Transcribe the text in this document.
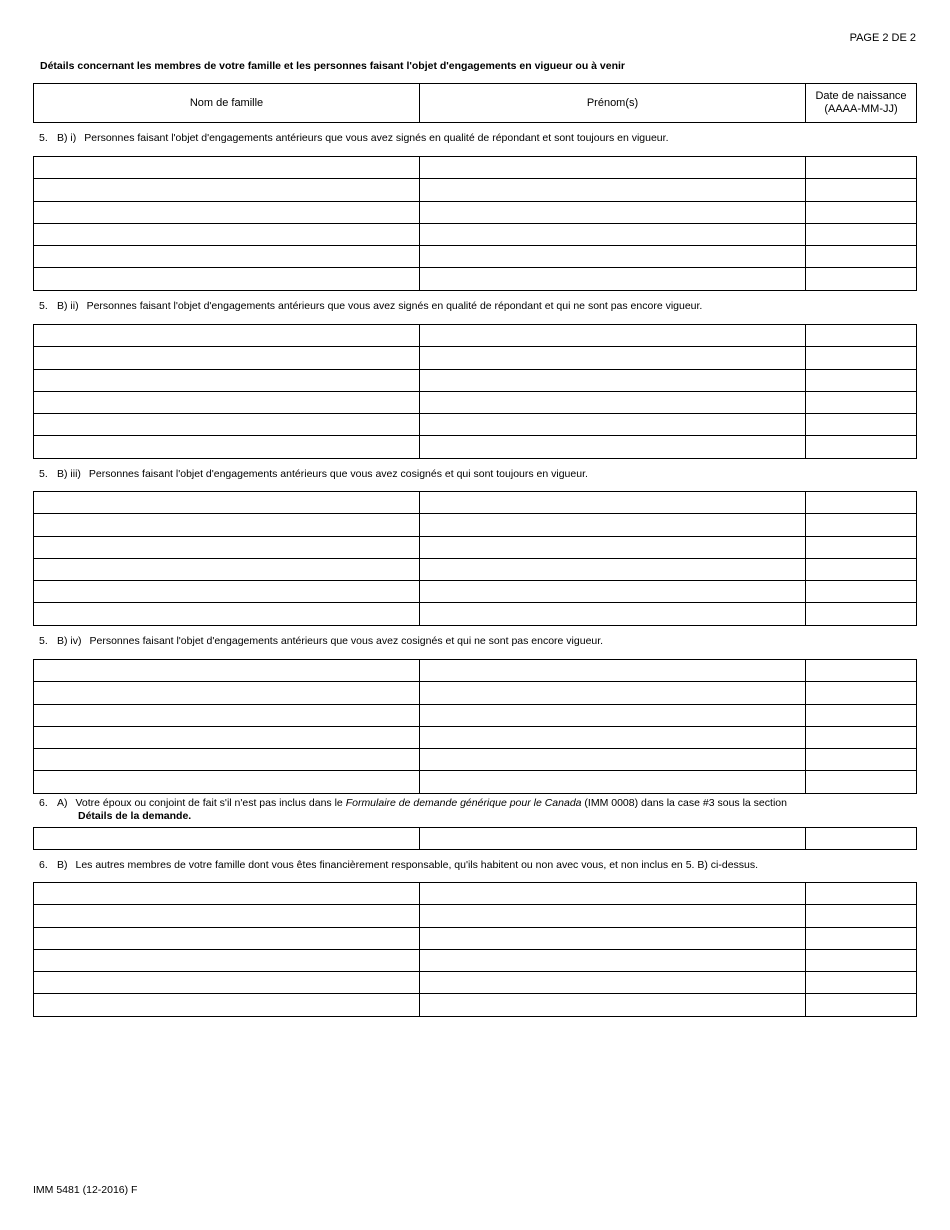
PAGE 2 DE 2
Détails concernant les membres de votre famille et les personnes faisant l'objet d'engagements en vigueur ou à venir
Nom de famille	Prénom(s)
Date de naissance
(AAAA-MM-JJ)
5. B) i) Personnes faisant l'objet d'engagements antérieurs que vous avez signés en qualité de répondant et sont toujours en vigueur.
5. B) ii) Personnes faisant l'objet d'engagements antérieurs que vous avez signés en qualité de répondant et qui ne sont pas encore vigueur.
5. B) iii) Personnes faisant l'objet d'engagements antérieurs que vous avez cosignés et qui sont toujours en vigueur.
5. B) iv) Personnes faisant l'objet d'engagements antérieurs que vous avez cosignés et qui ne sont pas encore vigueur.
6. A) Votre époux ou conjoint de fait s'il n'est pas inclus dans le Formulaire de demande générique pour le Canada (IMM 0008) dans la case #3 sous la section
Détails de la demande.
6. B) Les autres membres de votre famille dont vous êtes financièrement responsable, qu'ils habitent ou non avec vous, et non inclus en 5. B) ci-dessus.
IMM 5481 (12-2016) F
